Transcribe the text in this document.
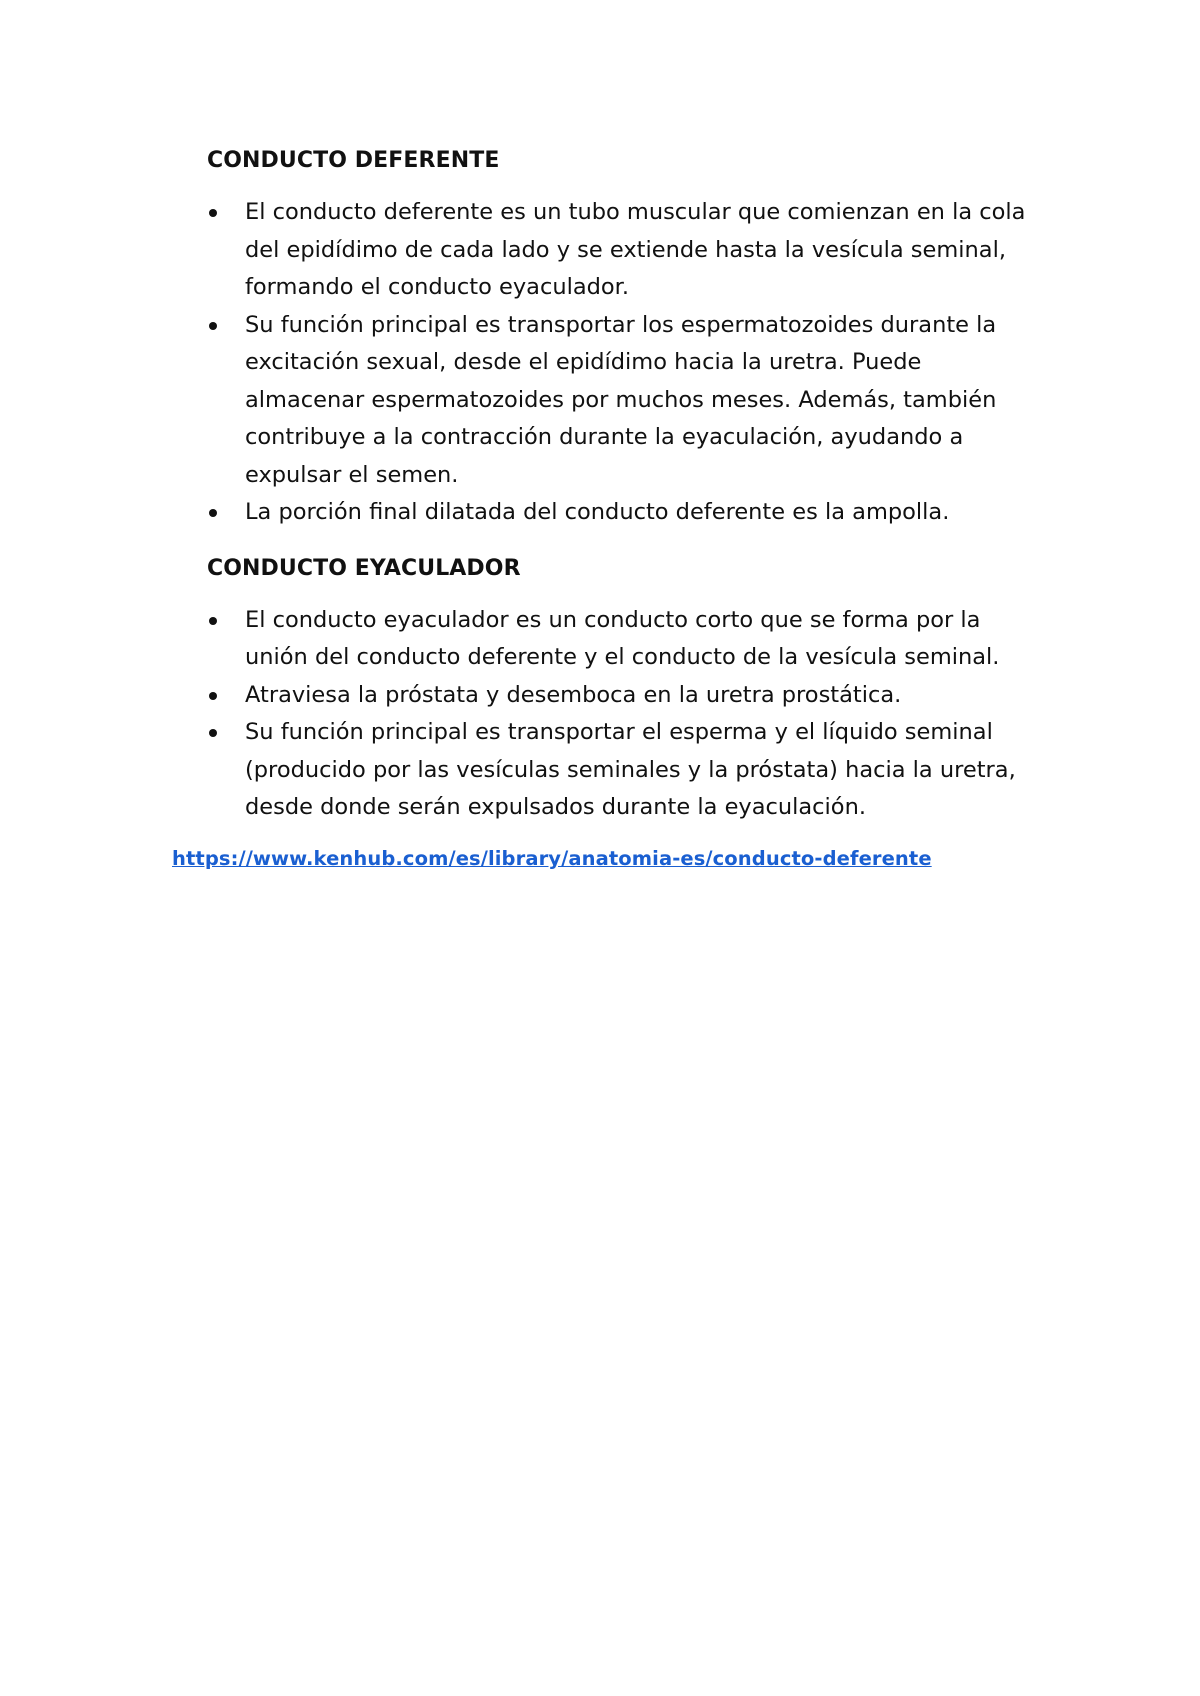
CONDUCTO DEFERENTE
El conducto deferente es un tubo muscular que comienzan en la cola del epidídimo de cada lado y se extiende hasta la vesícula seminal, formando el conducto eyaculador.
Su función principal es transportar los espermatozoides durante la excitación sexual, desde el epidídimo hacia la uretra. Puede almacenar espermatozoides por muchos meses. Además, también contribuye a la contracción durante la eyaculación, ayudando a expulsar el semen.
La porción final dilatada del conducto deferente es la ampolla.
CONDUCTO EYACULADOR
El conducto eyaculador es un conducto corto que se forma por la unión del conducto deferente y el conducto de la vesícula seminal.
Atraviesa la próstata y desemboca en la uretra prostática.
Su función principal es transportar el esperma y el líquido seminal (producido por las vesículas seminales y la próstata) hacia la uretra, desde donde serán expulsados durante la eyaculación.
https://www.kenhub.com/es/library/anatomia-es/conducto-deferente
